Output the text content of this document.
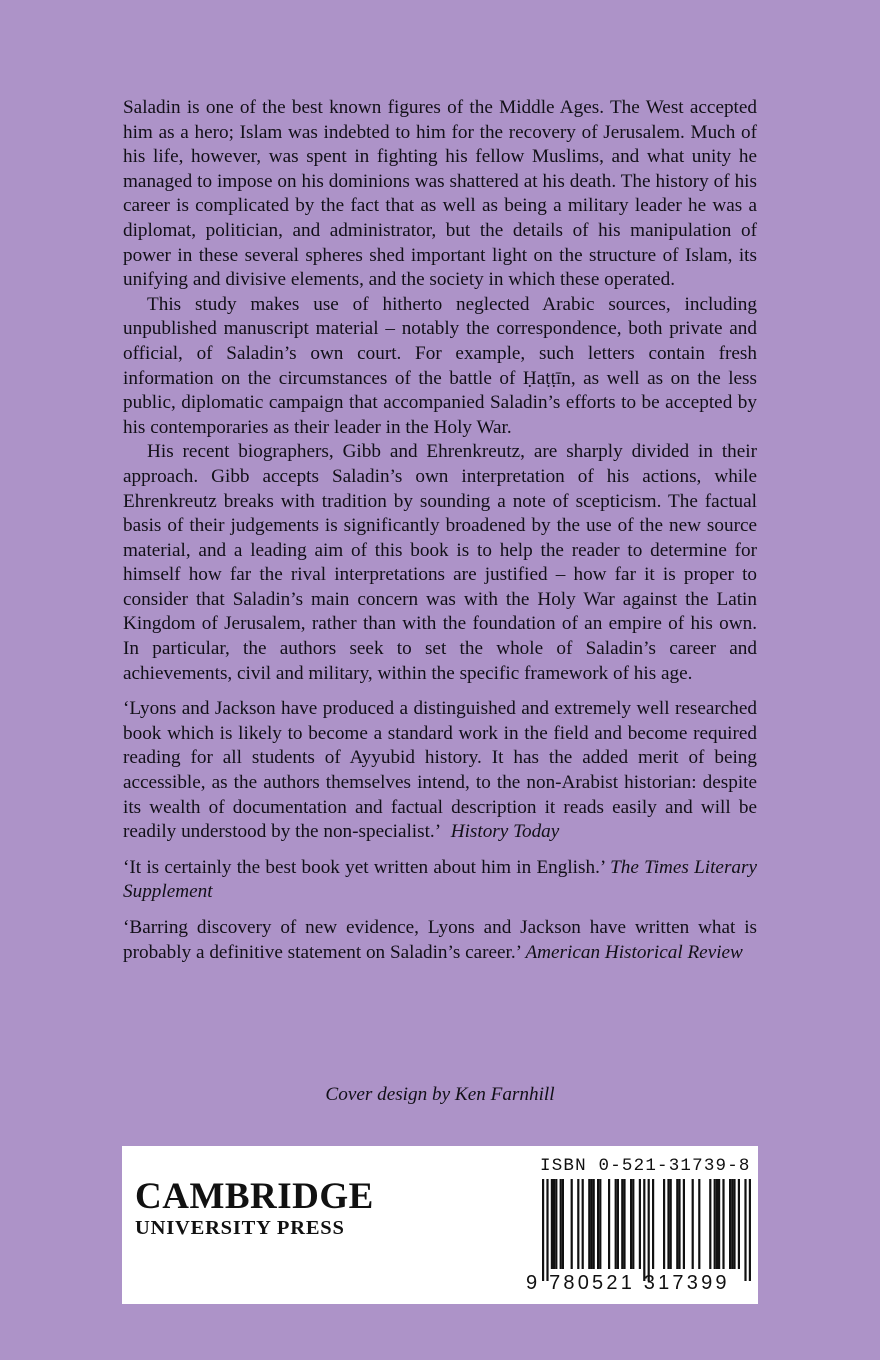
Saladin is one of the best known figures of the Middle Ages. The West accepted him as a hero; Islam was indebted to him for the recovery of Jerusalem. Much of his life, however, was spent in fighting his fellow Muslims, and what unity he managed to impose on his dominions was shattered at his death. The history of his career is complicated by the fact that as well as being a military leader he was a diplomat, politician, and administrator, but the details of his manipulation of power in these several spheres shed important light on the structure of Islam, its unifying and divisive elements, and the society in which these operated.

This study makes use of hitherto neglected Arabic sources, including unpublished manuscript material – notably the correspondence, both private and official, of Saladin’s own court. For example, such letters contain fresh information on the circumstances of the battle of Ḥaṭṭīn, as well as on the less public, diplomatic campaign that accompanied Saladin’s efforts to be accepted by his contemporaries as their leader in the Holy War.

His recent biographers, Gibb and Ehrenkreutz, are sharply divided in their approach. Gibb accepts Saladin’s own interpretation of his actions, while Ehrenkreutz breaks with tradition by sounding a note of scepticism. The factual basis of their judgements is significantly broadened by the use of the new source material, and a leading aim of this book is to help the reader to determine for himself how far the rival interpretations are justified – how far it is proper to consider that Saladin’s main concern was with the Holy War against the Latin Kingdom of Jerusalem, rather than with the foundation of an empire of his own. In particular, the authors seek to set the whole of Saladin’s career and achievements, civil and military, within the specific framework of his age.

‘Lyons and Jackson have produced a distinguished and extremely well researched book which is likely to become a standard work in the field and become required reading for all students of Ayyubid history. It has the added merit of being accessible, as the authors themselves intend, to the non-Arabist historian: despite its wealth of documentation and factual description it reads easily and will be readily understood by the non-specialist.’ History Today

‘It is certainly the best book yet written about him in English.’ The Times Literary Supplement

‘Barring discovery of new evidence, Lyons and Jackson have written what is probably a definitive statement on Saladin’s career.’ American Historical Review

Cover design by Ken Farnhill
CAMBRIDGE
UNIVERSITY PRESS
ISBN 0-521-31739-8
9 780521 317399
